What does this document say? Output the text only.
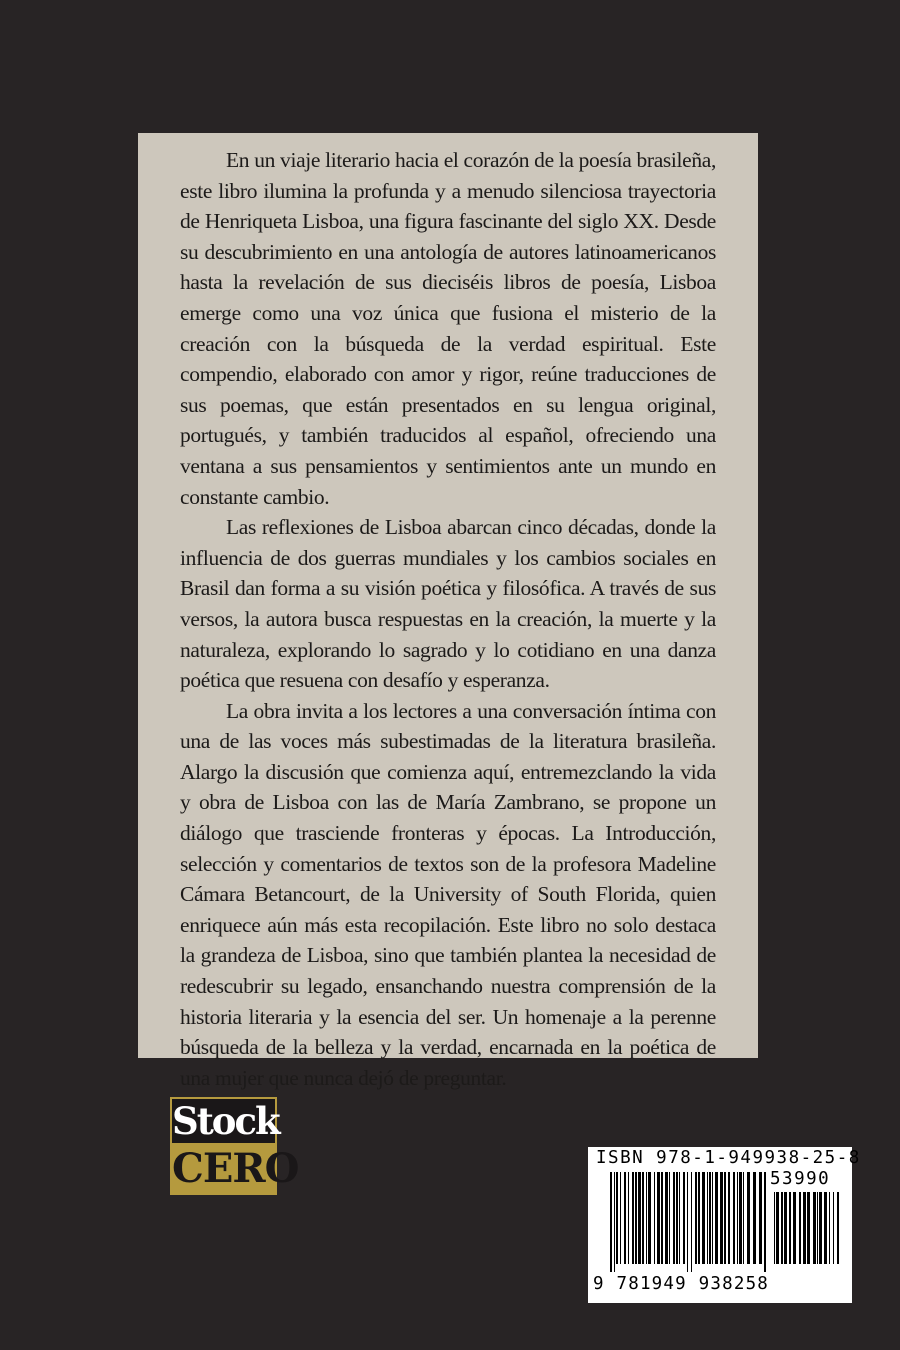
En un viaje literario hacia el corazón de la poesía brasileña, este libro ilumina la profunda y a menudo silenciosa trayectoria de Henriqueta Lisboa, una figura fascinante del siglo XX. Desde su descubrimiento en una antología de autores latinoamericanos hasta la revelación de sus dieciséis libros de poesía, Lisboa emerge como una voz única que fusiona el misterio de la creación con la búsqueda de la verdad espiritual. Este compendio, elaborado con amor y rigor, reúne traducciones de sus poemas, que están presentados en su lengua original, portugués, y también traducidos al español, ofreciendo una ventana a sus pensamientos y sentimientos ante un mundo en constante cambio.

Las reflexiones de Lisboa abarcan cinco décadas, donde la influencia de dos guerras mundiales y los cambios sociales en Brasil dan forma a su visión poética y filosófica. A través de sus versos, la autora busca respuestas en la creación, la muerte y la naturaleza, explorando lo sagrado y lo cotidiano en una danza poética que resuena con desafío y esperanza.

La obra invita a los lectores a una conversación íntima con una de las voces más subestimadas de la literatura brasileña. Alargo la discusión que comienza aquí, entremezclando la vida y obra de Lisboa con las de María Zambrano, se propone un diálogo que trasciende fronteras y épocas. La Introducción, selección y comentarios de textos son de la profesora Madeline Cámara Betancourt, de la University of South Florida, quien enriquece aún más esta recopilación. Este libro no solo destaca la grandeza de Lisboa, sino que también plantea la necesidad de redescubrir su legado, ensanchando nuestra comprensión de la historia literaria y la esencia del ser. Un homenaje a la perenne búsqueda de la belleza y la verdad, encarnada en la poética de una mujer que nunca dejó de preguntar.

Stock
CERO	ISBN 978-1-949938-25-8
53990
9 781949 938258
